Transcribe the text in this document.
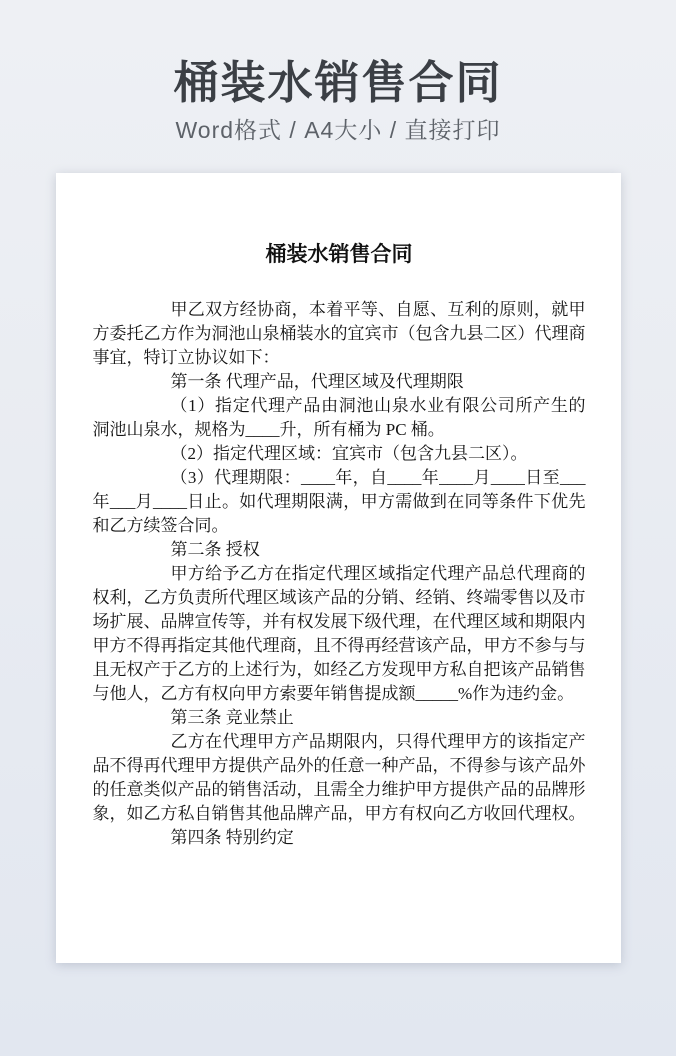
桶装水销售合同
Word格式 / A4大小 / 直接打印
桶装水销售合同

甲乙双方经协商，本着平等、自愿、互利的原则，就甲方委托乙方作为洞池山泉桶装水的宜宾市（包含九县二区）代理商事宜，特订立协议如下：

第一条 代理产品，代理区域及代理期限

（1）指定代理产品由洞池山泉水业有限公司所产生的洞池山泉水，规格为____升，所有桶为 PC 桶。

（2）指定代理区域：宜宾市（包含九县二区）。

（3）代理期限：____年，自____年____月____日至___年___月____日止。如代理期限满，甲方需做到在同等条件下优先和乙方续签合同。

第二条 授权

甲方给予乙方在指定代理区域指定代理产品总代理商的权利，乙方负责所代理区域该产品的分销、经销、终端零售以及市场扩展、品牌宣传等，并有权发展下级代理，在代理区域和期限内甲方不得再指定其他代理商，且不得再经营该产品，甲方不参与与且无权产于乙方的上述行为，如经乙方发现甲方私自把该产品销售与他人，乙方有权向甲方索要年销售提成额_____%作为违约金。

第三条 竞业禁止

乙方在代理甲方产品期限内，只得代理甲方的该指定产品不得再代理甲方提供产品外的任意一种产品，不得参与该产品外的任意类似产品的销售活动，且需全力维护甲方提供产品的品牌形象，如乙方私自销售其他品牌产品，甲方有权向乙方收回代理权。

第四条 特别约定
